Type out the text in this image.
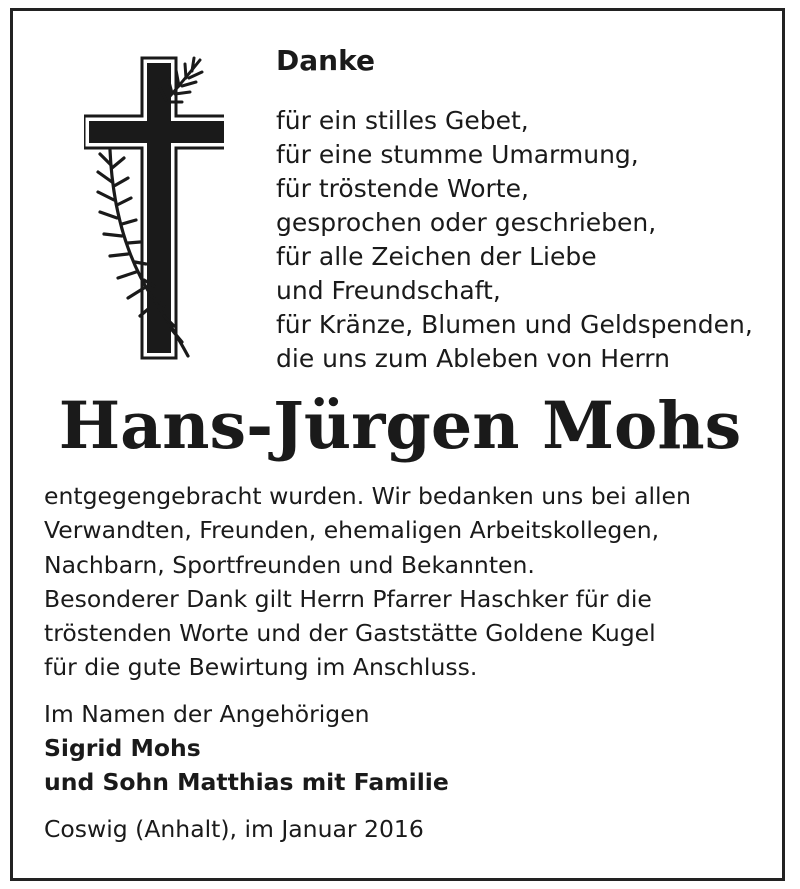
Danke
für ein stilles Gebet,
für eine stumme Umarmung,
für tröstende Worte,
gesprochen oder geschrieben,
für alle Zeichen der Liebe
und Freundschaft,
für Kränze, Blumen und Geldspenden,
die uns zum Ableben von Herrn
Hans-Jürgen Mohs
entgegengebracht wurden. Wir bedanken uns bei allen
Verwandten, Freunden, ehemaligen Arbeitskollegen,
Nachbarn, Sportfreunden und Bekannten.
Besonderer Dank gilt Herrn Pfarrer Haschker für die
tröstenden Worte und der Gaststätte Goldene Kugel
für die gute Bewirtung im Anschluss.
Im Namen der Angehörigen
Sigrid Mohs
und Sohn Matthias mit Familie
Coswig (Anhalt), im Januar 2016
